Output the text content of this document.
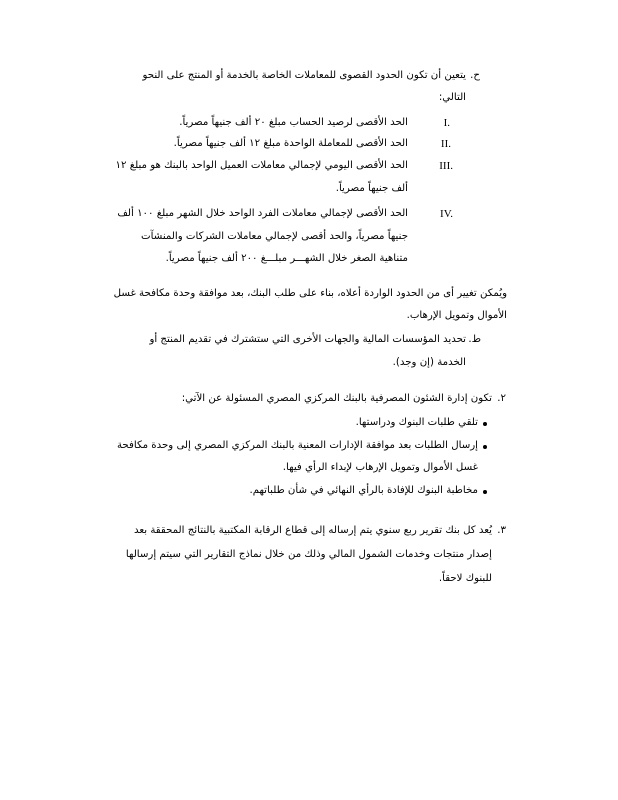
ح.
يتعين أن تكون الحدود القصوى للمعاملات الخاصة بالخدمة أو المنتج على النحو
التالي:
I.
الحد الأقصى لرصيد الحساب مبلغ ٢٠ ألف جنيهاً مصرياً.
II.
الحد الأقصى للمعاملة الواحدة مبلغ ١٢ ألف جنيهاً مصرياً.
III.
الحد الأقصى اليومي لإجمالي معاملات العميل الواحد بالبنك هو مبلغ ١٢
ألف جنيهاً مصرياً.
IV.
الحد الأقصى لإجمالي معاملات الفرد الواحد خلال الشهر مبلغ ١٠٠ ألف
جنيهاً مصرياً، والحد أقصى لإجمالي معاملات الشركات والمنشآت
متناهية الصغر خلال الشهـــر مبلـــغ ٢٠٠ ألف جنيهاً مصرياً.
ويُمكن تغيير أى من الحدود الواردة أعلاه، بناء على طلب البنك، بعد موافقة وحدة مكافحة غسل
الأموال وتمويل الإرهاب.
ط.
تحديد المؤسسات المالية والجهات الأخرى التي ستشترك في تقديم المنتج أو
الخدمة (إن وجد).
٢.
تكون إدارة الشئون المصرفية بالبنك المركزي المصري المسئولة عن الآتي:
تلقي طلبات البنوك ودراستها.
إرسال الطلبات بعد موافقة الإدارات المعنية بالبنك المركزي المصري إلى وحدة مكافحة
غسل الأموال وتمويل الإرهاب لإبداء الرأي فيها.
مخاطبة البنوك للإفادة بالرأي النهائي في شأن طلباتهم.
٣.
يُعد كل بنك تقرير ربع سنوي يتم إرساله إلى قطاع الرقابة المكتبية بالنتائج المحققة بعد
إصدار منتجات وخدمات الشمول المالي وذلك من خلال نماذج التقارير التي سيتم إرسالها
للبنوك لاحقاً.
